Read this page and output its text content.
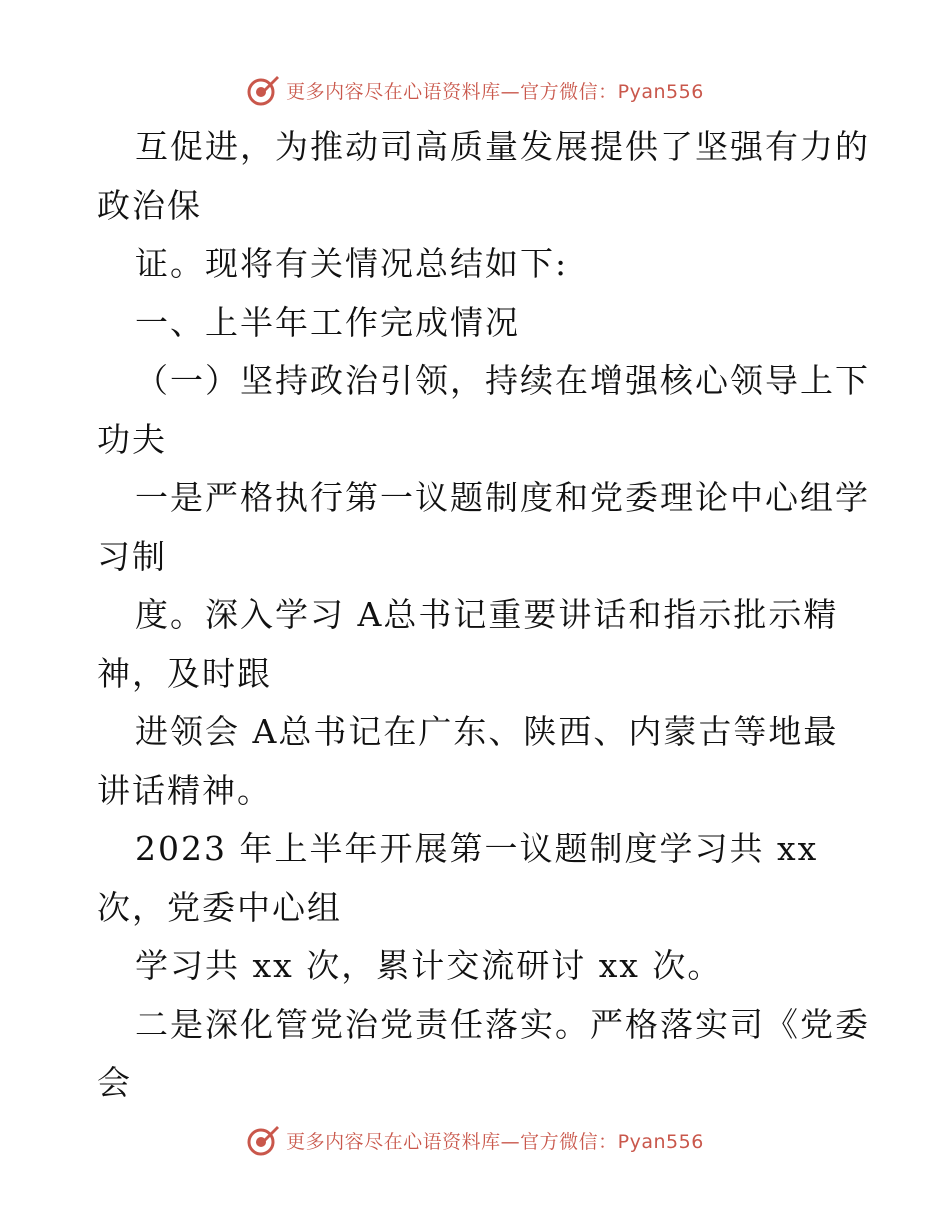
更多内容尽在心语资料库—官方微信：Pyan556
互促进，为推动司高质量发展提供了坚强有力的
政治保
证。现将有关情况总结如下:
一、上半年工作完成情况
（一）坚持政治引领，持续在增强核心领导上下
功夫
一是严格执行第一议题制度和党委理论中心组学
习制
度。深入学习 A总书记重要讲话和指示批示精
神，及时跟
进领会 A总书记在广东、陕西、内蒙古等地最
讲话精神。
2023 年上半年开展第一议题制度学习共 xx
次，党委中心组
学习共 xx 次，累计交流研讨 xx 次。
二是深化管党治党责任落实。严格落实司《党委
会
更多内容尽在心语资料库—官方微信：Pyan556
